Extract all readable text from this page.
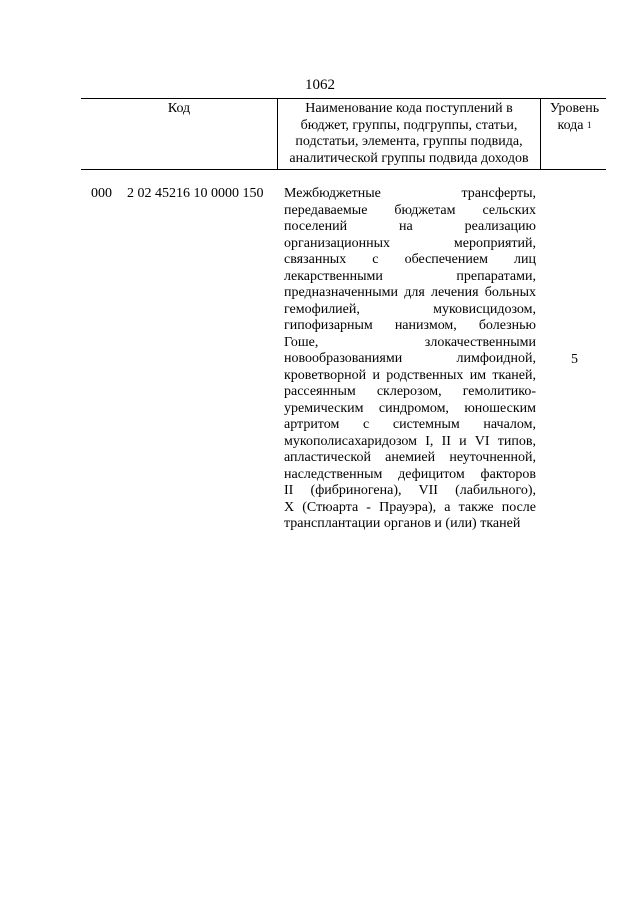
1062
Код	Наименование кода поступлений в
бюджет, группы, подгруппы, статьи,
подстатьи, элемента, группы подвида,
аналитической группы подвида доходов
Уровень
кода $^1$
000 2 02 45216 10 0000 150 Межбюджетные трансферты,
передаваемые бюджетам сельских
поселений на реализацию
организационных мероприятий,
связанных с обеспечением лиц
лекарственными препаратами,
предназначенными для лечения больных
гемофилией, муковисцидозом,
гипофизарным нанизмом, болезнью
Гоше, злокачественными
новообразованиями лимфоидной,
кроветворной и родственных им тканей,
рассеянным склерозом, гемолитико-
уремическим синдромом, юношеским
артритом с системным началом,
мукополисахаридозом I, II и VI типов,
апластической анемией неуточненной,
наследственным дефицитом факторов
II (фибриногена), VII (лабильного),
X (Стюарта - Прауэра), а также после
трансплантации органов и (или) тканей
5
